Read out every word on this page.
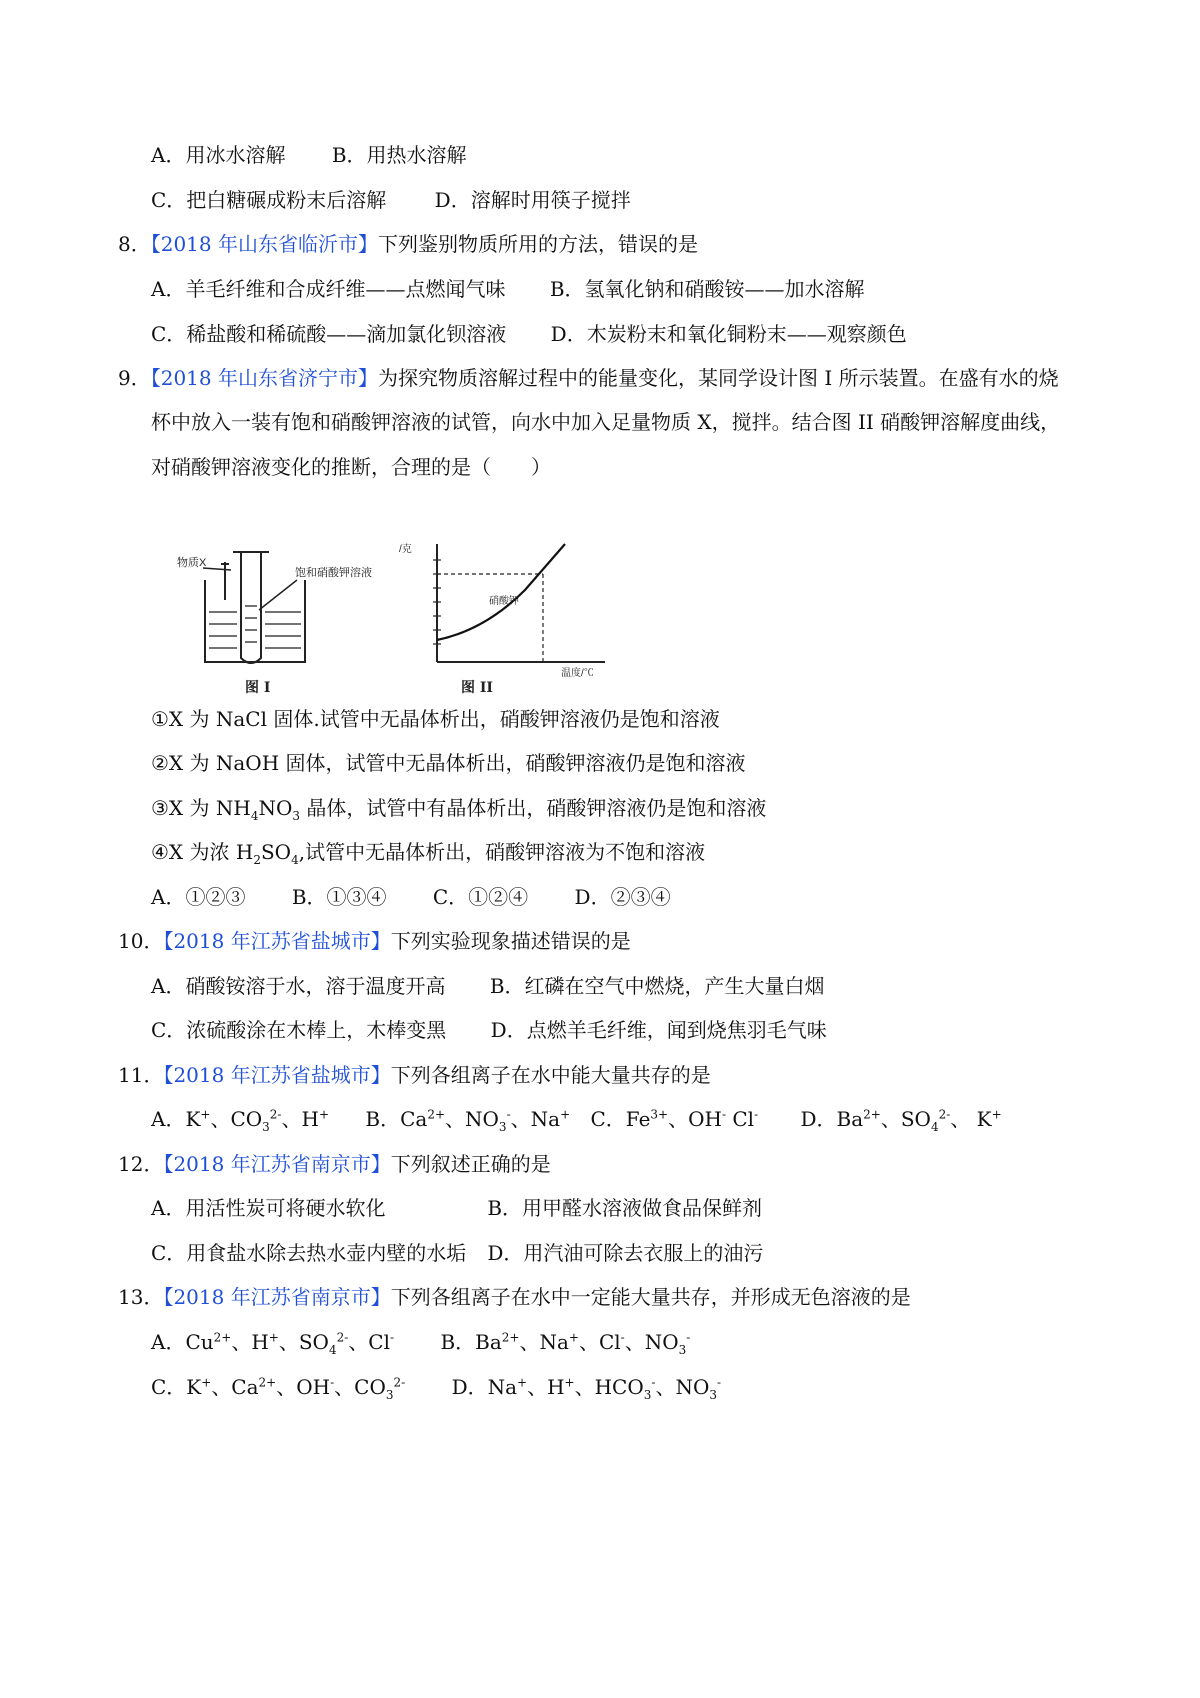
A．用冰水溶解 B．用热水溶解
C．把白糖碾成粉末后溶解 D．溶解时用筷子搅拌
8．【2018 年山东省临沂市】下列鉴别物质所用的方法，错误的是
A．羊毛纤维和合成纤维——点燃闻气味 B．氢氧化钠和硝酸铵——加水溶解
C．稀盐酸和稀硫酸——滴加氯化钡溶液 D．木炭粉末和氧化铜粉末——观察颜色
9．【2018 年山东省济宁市】为探究物质溶解过程中的能量变化，某同学设计图 I 所示装置。在盛有水的烧
杯中放入一装有饱和硝酸钾溶液的试管，向水中加入足量物质 X，搅拌。结合图 II 硝酸钾溶解度曲线，
对硝酸钾溶液变化的推断，合理的是（　　）
物质X
饱和硝酸钾溶液
图 I
/克
硝酸钾
温度/℃
图 II
①X 为 NaCl 固体.试管中无晶体析出，硝酸钾溶液仍是饱和溶液
②X 为 NaOH 固体，试管中无晶体析出，硝酸钾溶液仍是饱和溶液
③X 为 $NH_4NO_3$ 晶体，试管中有晶体析出，硝酸钾溶液仍是饱和溶液
④X 为浓 $H_2SO_4$,试管中无晶体析出，硝酸钾溶液为不饱和溶液
A．①②③ B．①③④ C．①②④ D．②③④
10．【2018 年江苏省盐城市】下列实验现象描述错误的是
A．硝酸铵溶于水，溶于温度开高 B．红磷在空气中燃烧，产生大量白烟
C．浓硫酸涂在木棒上，木棒变黑 D．点燃羊毛纤维，闻到烧焦羽毛气味
11．【2018 年江苏省盐城市】下列各组离子在水中能大量共存的是
A．K+、$CO_3^{2-}$、H+ B．$Ca^{2+}$、$NO_3^-$、Na+ C．$Fe^{3+}$、OH- Cl- D．$Ba^{2+}$、$SO_4^{2-}$、 K+
12．【2018 年江苏省南京市】下列叙述正确的是
A．用活性炭可将硬水软化	B．用甲醛水溶液做食品保鲜剂
C．用食盐水除去热水壶内壁的水垢 D．用汽油可除去衣服上的油污
13．【2018 年江苏省南京市】下列各组离子在水中一定能大量共存，并形成无色溶液的是
A．$Cu^{2+}$、H+、$SO_4^{2-}$、Cl- B．$Ba^{2+}$、Na+、Cl-、$NO_3^-$
C．K+、$Ca^{2+}$、OH-、$CO_3^{2-}$ D．Na+、H+、$HCO_3^-$、$NO_3^-$
